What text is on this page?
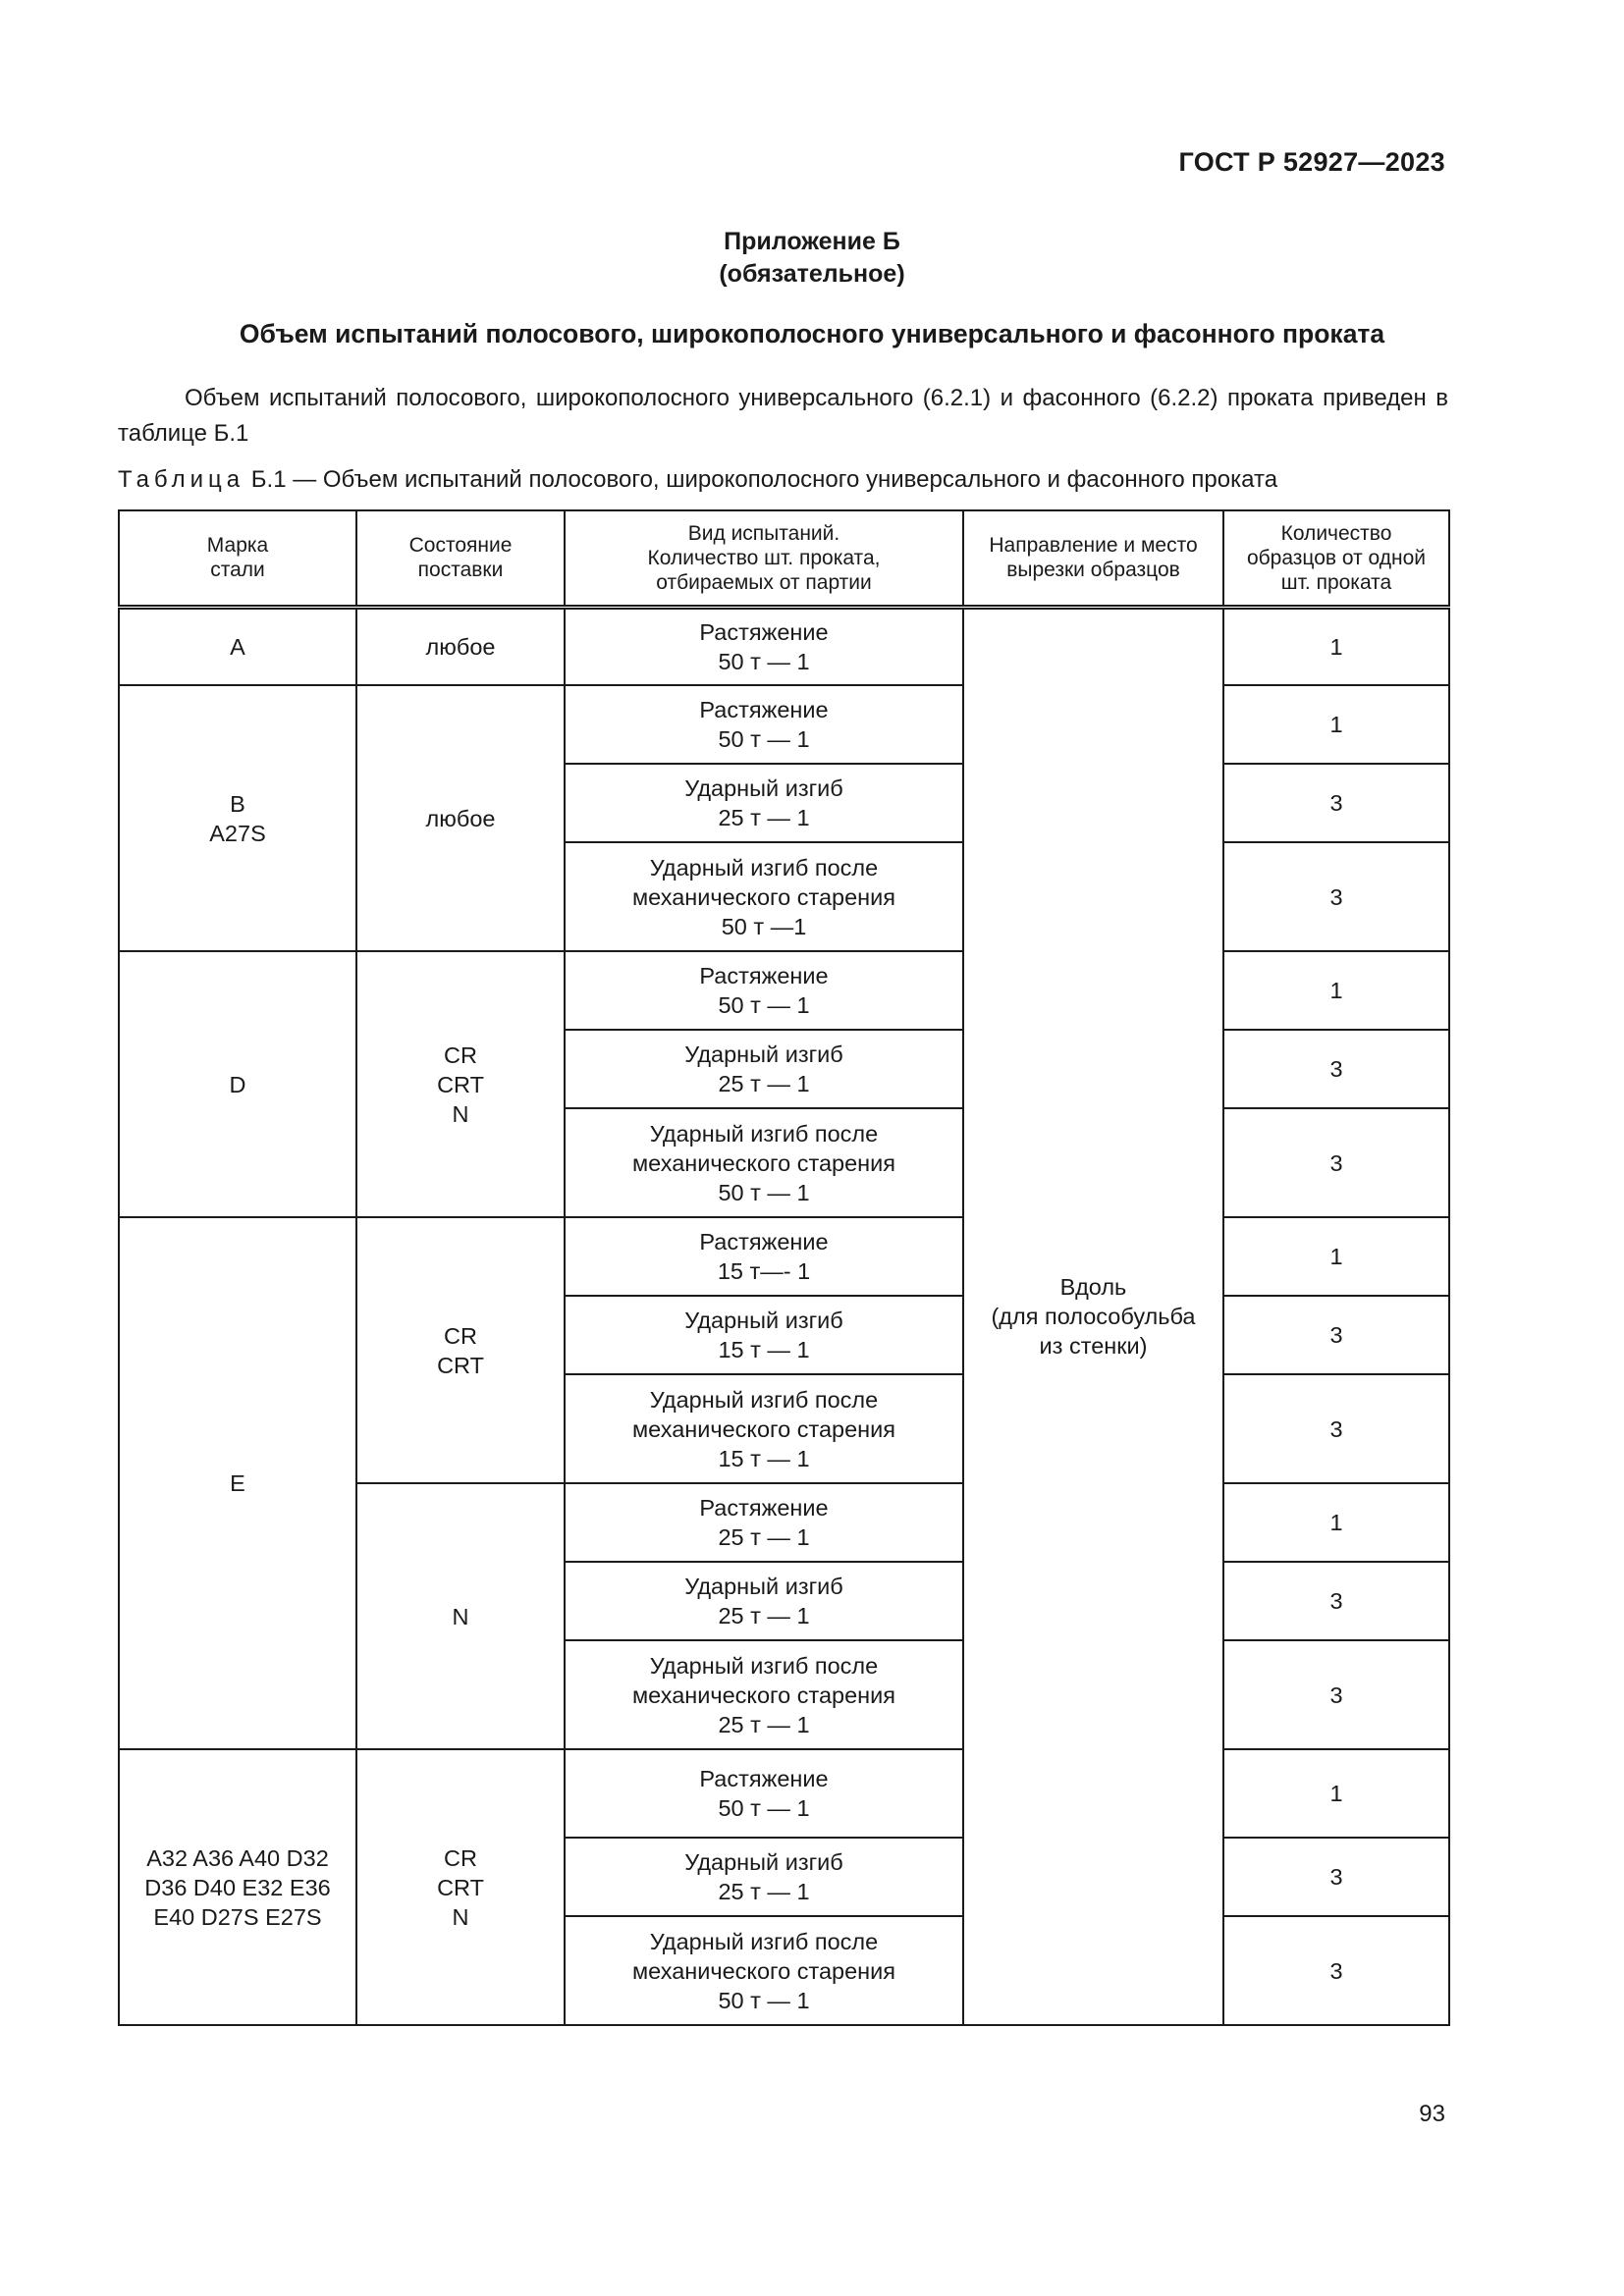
ГОСТ Р 52927—2023
Приложение Б
(обязательное)
Объем испытаний полосового, широкополосного универсального и фасонного проката
Объем испытаний полосового, широкополосного универсального (6.2.1) и фасонного (6.2.2) проката приведен в таблице Б.1
Таблица Б.1 — Объем испытаний полосового, широкополосного универсального и фасонного проката
Марка
стали	Состояние
поставки	Вид испытаний.
Количество шт. проката,
отбираемых от партии	Направление и место
вырезки образцов	Количество
образцов от одной
шт. проката
A	любое	Растяжение
50 т — 1	Вдоль
(для полособульба
из стенки)	1
B
A27S	любое	Растяжение
50 т — 1		1
		Ударный изгиб
25 т — 1		3
		Ударный изгиб после
механического старения
50 т —1		3
D	CR
CRT
N	Растяжение
50 т — 1		1
		Ударный изгиб
25 т — 1		3
		Ударный изгиб после
механического старения
50 т — 1		3
E	CR
CRT	Растяжение
15 т—- 1		1
		Ударный изгиб
15 т — 1		3
		Ударный изгиб после
механического старения
15 т — 1		3
	N	Растяжение
25 т — 1		1
		Ударный изгиб
25 т — 1		3
		Ударный изгиб после
механического старения
25 т — 1		3
A32 A36 A40 D32
D36 D40 E32 E36
E40 D27S E27S	CR
CRT
N	Растяжение
50 т — 1		1
		Ударный изгиб
25 т — 1		3
		Ударный изгиб после
механического старения
50 т — 1		3
93
